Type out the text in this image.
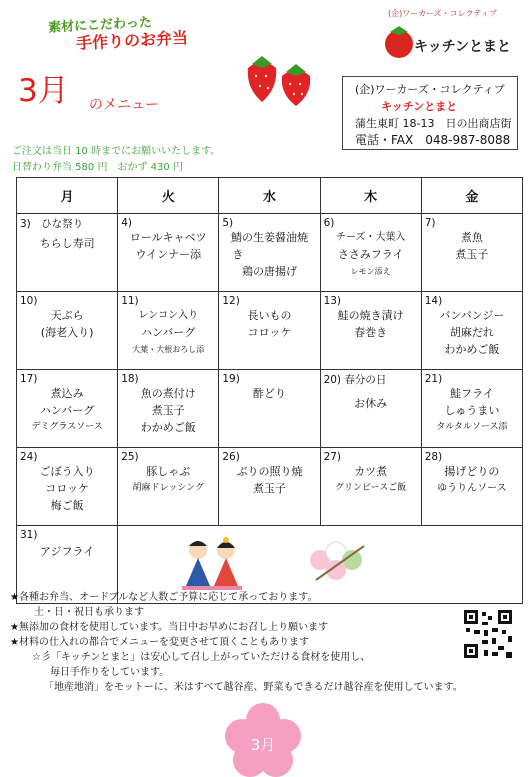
素材にこだわった
手作りのお弁当
3月 のメニュー
(企)ワーカーズ・コレクティブ
キッチンとまと
(企)ワーカーズ・コレクティブ
キッチンとまと
蒲生東町 18-13　日の出商店街
電話・FAX　048-987-8088
ご注文は当日 10 時までにお願いいたします。
日替わり弁当 580 円　おかず 430 円
月	火	水	木	金
3)　ひな祭り
ちらし寿司	4)
ロールキャベツ
ウインナー添	5)
鯖の生姜醤油焼
き
鶏の唐揚げ	6)
チーズ・大葉入
ささみフライ
レモン添え	7)
煮魚
煮玉子

10)
天ぷら
(海老入り)	11)
レンコン入り
ハンバーグ
大葉・大根おろし添	12)
長いもの
コロッケ	13)
鮭の焼き漬け
春巻き	14)
バンバンジー
胡麻だれ
わかめご飯

17)
煮込み
ハンバーグ
デミグラスソース	18)
魚の煮付け
煮玉子
わかめご飯	19)
酢どり	20) 春分の日
お休み	21)
鮭フライ
しゅうまい
タルタルソース添

24)
ごぼう入り
コロッケ
梅ご飯	25)
豚しゃぶ
胡麻ドレッシング	26)
ぶりの照り焼
煮玉子	27)
カツ煮
グリンピースご飯	28)
揚げどりの
ゆうりんソース

31)
アジフライ

★各種お弁当、オードブルなど人数ご予算に応じて承っております。
土・日・祝日も承ります
★無添加の食材を使用しています。当日中お早めにお召し上り願います
★材料の仕入れの都合でメニューを変更させて頂くこともあります
☆彡「キッチンとまと」は安心して召し上がっていただける食材を使用し、
毎日手作りをしています。
「地産地消」をモットーに、米はすべて越谷産、野菜もできるだけ越谷産を使用しています。
3月
